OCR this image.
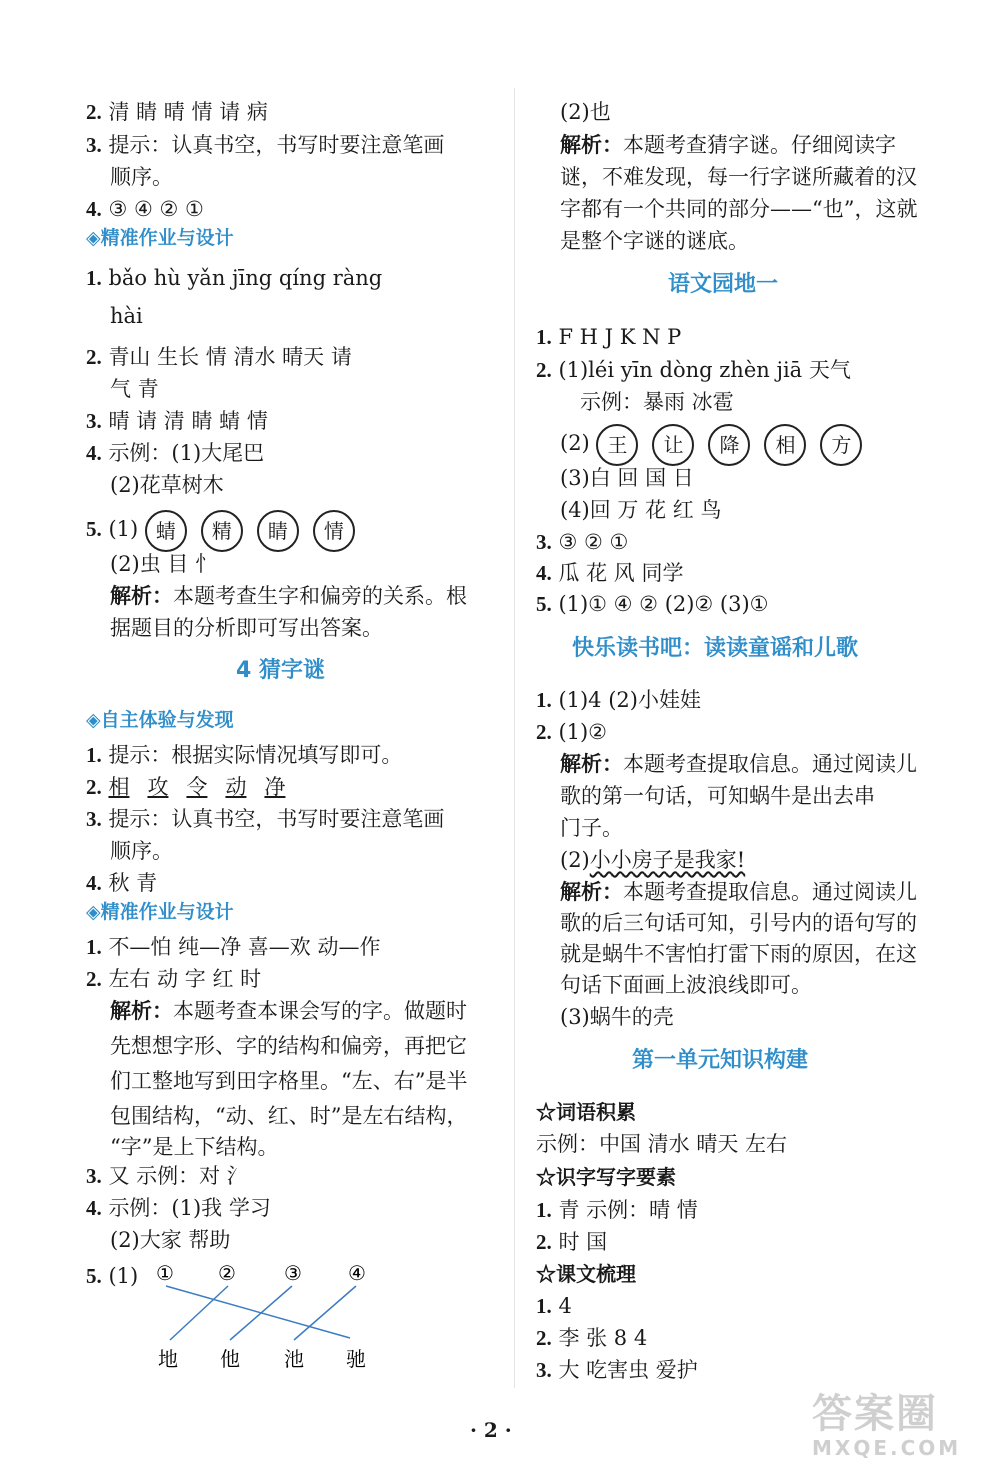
2. 清 睛 晴 情 请 病
3. 提示：认真书空，书写时要注意笔画
顺序。
4. ③ ④ ② ①
◈精准作业与设计
1. bǎo hù yǎn jīng qíng ràng
hài
2. 青山 生长 情 清水 晴天 请
气 青
3. 晴 请 清 睛 蜻 情
4. 示例：(1)大尾巴
(2)花草树木
5. (1) 蜻 精 睛 情
(2)虫 目 忄
解析：本题考查生字和偏旁的关系。根
据题目的分析即可写出答案。
4 猜字谜
◈自主体验与发现
1. 提示：根据实际情况填写即可。
2. 相 攻 令 动 净
3. 提示：认真书空，书写时要注意笔画
顺序。
4. 秋 青
◈精准作业与设计
1. 不—怕 纯—净 喜—欢 动—作
2. 左右 动 字 红 时
解析：本题考查本课会写的字。做题时
先想想字形、字的结构和偏旁，再把它
们工整地写到田字格里。“左、右”是半
包围结构，“动、红、时”是左右结构，
“字”是上下结构。
3. 又 示例：对 氵
4. 示例：(1)我 学习
(2)大家 帮助
5. (1) ① ② ③ ④
地 他 池 驰
(2)也
解析：本题考查猜字谜。仔细阅读字
谜，不难发现，每一行字谜所藏着的汉
字都有一个共同的部分——“也”，这就
是整个字谜的谜底。
语文园地一
1. F H J K N P
2. (1)léi yīn dòng zhèn jiā 天气
示例：暴雨 冰雹
(2) 王 让 降 相 方
(3)白 回 国 日
(4)回 万 花 红 鸟
3. ③ ② ①
4. 瓜 花 风 同学
5. (1)① ④ ② (2)② (3)①
快乐读书吧：读读童谣和儿歌
1. (1)4 (2)小娃娃
2. (1)②
解析：本题考查提取信息。通过阅读儿
歌的第一句话，可知蜗牛是出去串
门子。
(2)小小房子是我家!
解析：本题考查提取信息。通过阅读儿
歌的后三句话可知，引号内的语句写的
就是蜗牛不害怕打雷下雨的原因，在这
句话下面画上波浪线即可。
(3)蜗牛的壳
第一单元知识构建
☆词语积累
示例：中国 清水 晴天 左右
☆识字写字要素
1. 青 示例：晴 情
2. 时 国
☆课文梳理
1. 4
2. 李 张 8 4
3. 大 吃害虫 爱护
· 2 ·	答案圈
MXQE.COM
